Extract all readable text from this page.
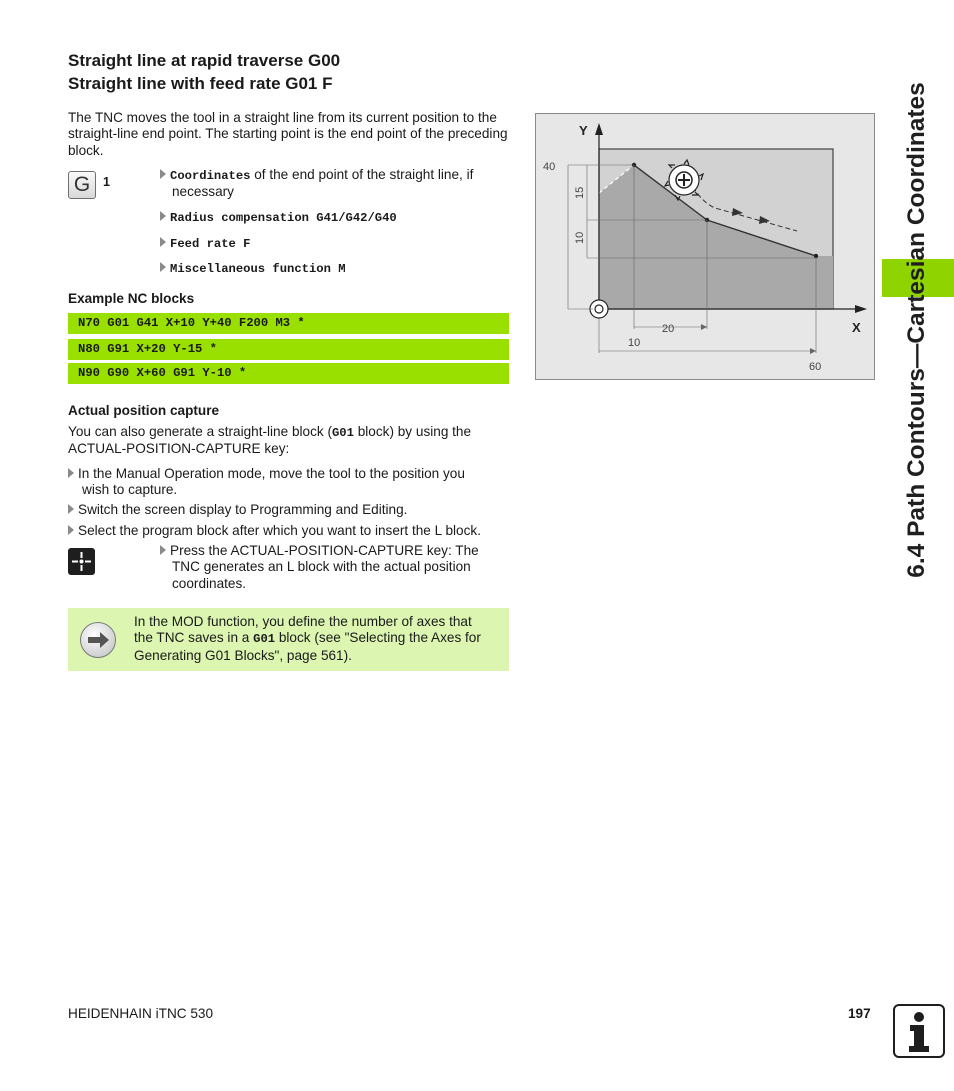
Straight line at rapid traverse G00
Straight line with feed rate G01 F
The TNC moves the tool in a straight line from its current position to the straight-line end point. The starting point is the end point of the preceding block.
G	1	Coordinates of the end point of the straight line, if
necessary
Radius compensation G41/G42/G40
Feed rate F
Miscellaneous function M
Example NC blocks
N70 G01 G41 X+10 Y+40 F200 M3 *
N80 G91 X+20 Y-15 *
N90 G90 X+60 G91 Y-10 *
Actual position capture
You can also generate a straight-line block (G01 block) by using the
ACTUAL-POSITION-CAPTURE key:
In the Manual Operation mode, move the tool to the position you
wish to capture.
Switch the screen display to Programming and Editing.
Select the program block after which you want to insert the L block.
Press the ACTUAL-POSITION-CAPTURE key: The
TNC generates an L block with the actual position
coordinates.
In the MOD function, you define the number of axes that
the TNC saves in a G01 block (see "Selecting the Axes for
Generating G01 Blocks", page 561).
Y
X
40
15
10
20
10
60	6.4 Path Contours—Cartesian Coordinates
HEIDENHAIN iTNC 530	197
